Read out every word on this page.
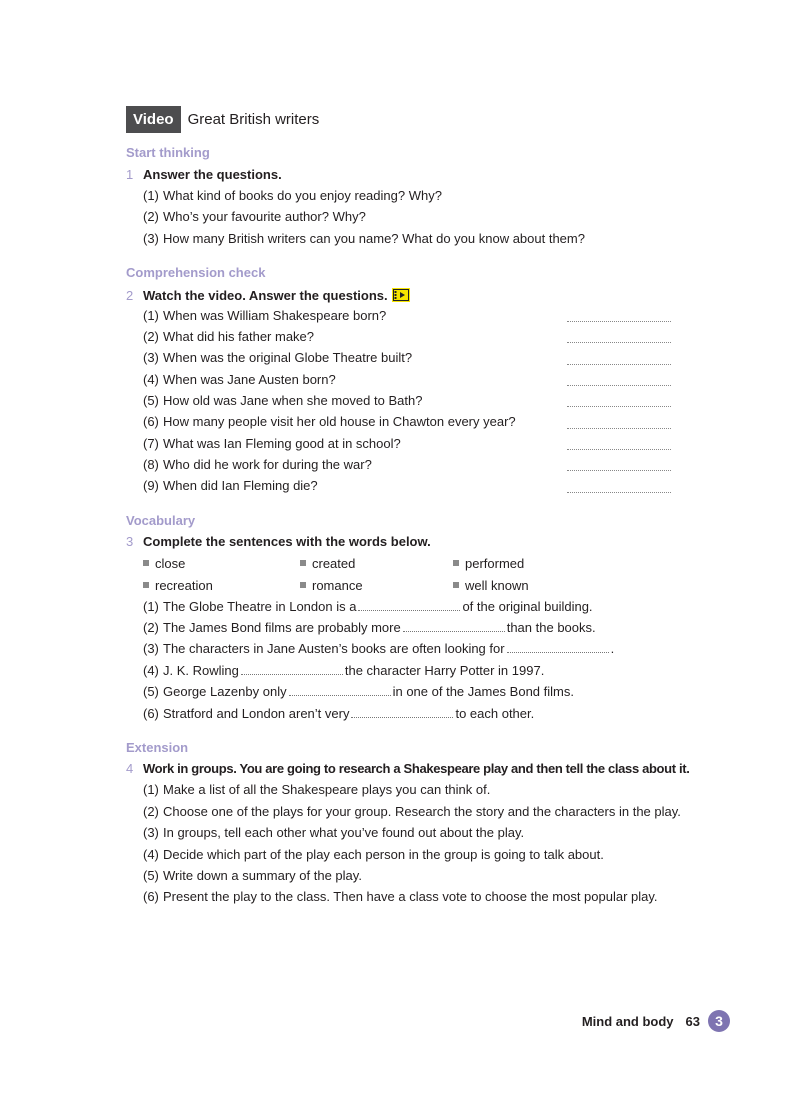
Video Great British writers
Start thinking
1 Answer the questions.
(1) What kind of books do you enjoy reading? Why?
(2) Who’s your favourite author? Why?
(3) How many British writers can you name? What do you know about them?
Comprehension check
2 Watch the video. Answer the questions.
(1) When was William Shakespeare born?
(2) What did his father make?
(3) When was the original Globe Theatre built?
(4) When was Jane Austen born?
(5) How old was Jane when she moved to Bath?
(6) How many people visit her old house in Chawton every year?
(7) What was Ian Fleming good at in school?
(8) Who did he work for during the war?
(9) When did Ian Fleming die?
Vocabulary
3 Complete the sentences with the words below.
close	created	performed
recreation	romance	well known
(1) The Globe Theatre in London is a	of the original building.
(2) The James Bond films are probably more	than the books.
(3) The characters in Jane Austen’s books are often looking for	.
(4) J. K. Rowling	the character Harry Potter in 1997.
(5) George Lazenby only	in one of the James Bond films.
(6) Stratford and London aren’t very	to each other.
Extension
4 Work in groups. You are going to research a Shakespeare play and then tell the class about it.
(1) Make a list of all the Shakespeare plays you can think of.
(2) Choose one of the plays for your group. Research the story and the characters in the play.
(3) In groups, tell each other what you’ve found out about the play.
(4) Decide which part of the play each person in the group is going to talk about.
(5) Write down a summary of the play.
(6) Present the play to the class. Then have a class vote to choose the most popular play.
Mind and body 63	3
